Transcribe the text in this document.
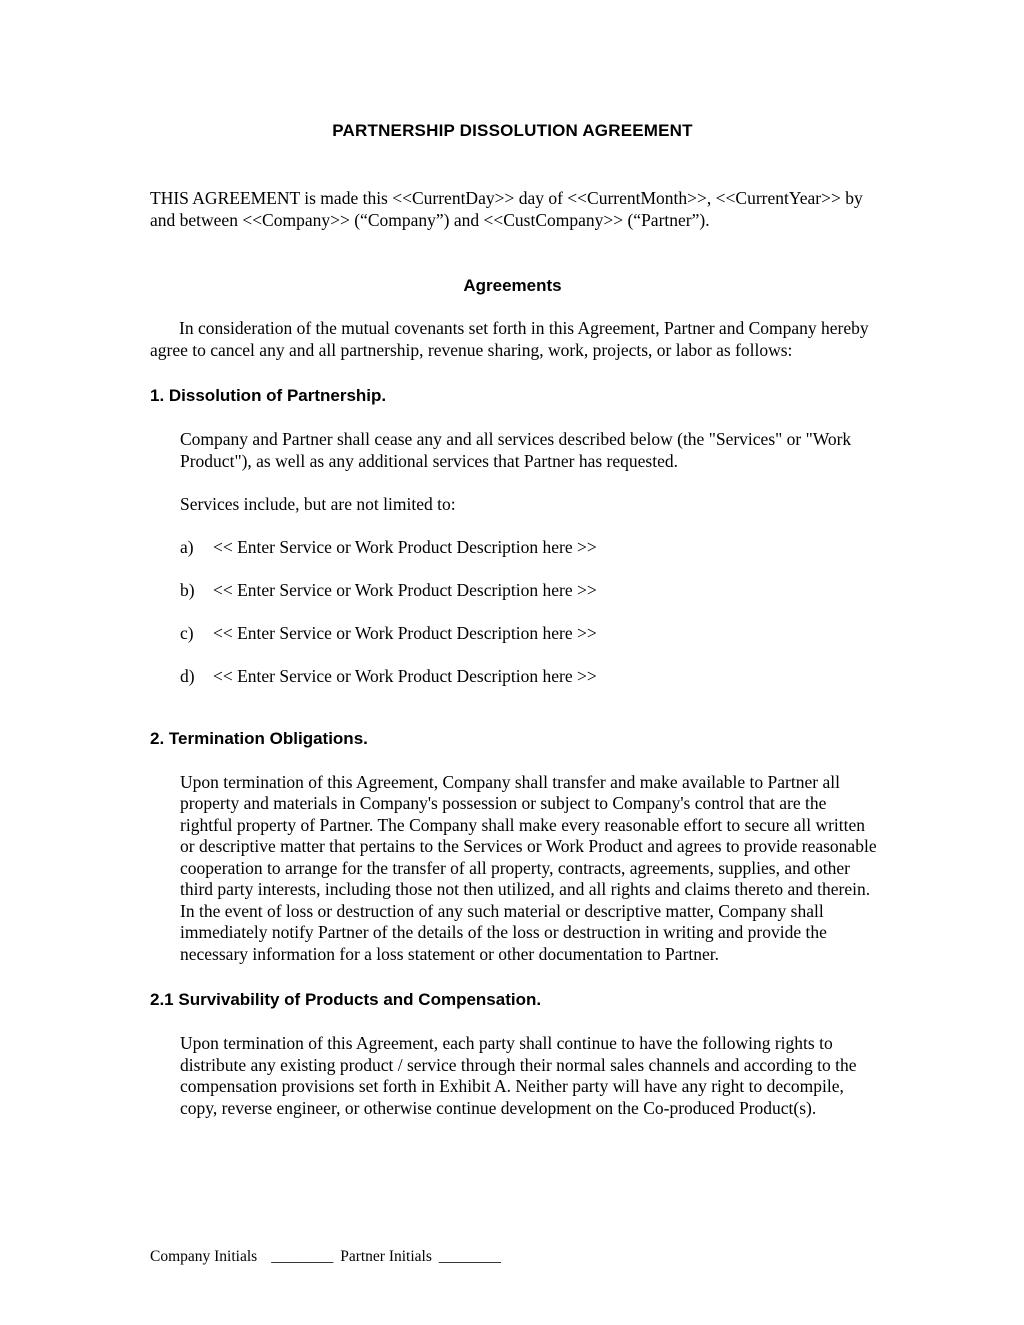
PARTNERSHIP DISSOLUTION AGREEMENT

THIS AGREEMENT is made this <<CurrentDay>> day of <<CurrentMonth>>, <<CurrentYear>> by and between <<Company>> (“Company”) and <<CustCompany>> (“Partner”).

Agreements

In consideration of the mutual covenants set forth in this Agreement, Partner and Company hereby agree to cancel any and all partnership, revenue sharing, work, projects, or labor as follows:

1. Dissolution of Partnership.

Company and Partner shall cease any and all services described below (the "Services" or "Work Product"), as well as any additional services that Partner has requested.

Services include, but are not limited to:

a)	<< Enter Service or Work Product Description here >>
b)	<< Enter Service or Work Product Description here >>
c)	<< Enter Service or Work Product Description here >>
d)	<< Enter Service or Work Product Description here >>
2. Termination Obligations.

Upon termination of this Agreement, Company shall transfer and make available to Partner all property and materials in Company's possession or subject to Company's control that are the rightful property of Partner. The Company shall make every reasonable effort to secure all written or descriptive matter that pertains to the Services or Work Product and agrees to provide reasonable cooperation to arrange for the transfer of all property, contracts, agreements, supplies, and other third party interests, including those not then utilized, and all rights and claims thereto and therein. In the event of loss or destruction of any such material or descriptive matter, Company shall immediately notify Partner of the details of the loss or destruction in writing and provide the necessary information for a loss statement or other documentation to Partner.

2.1 Survivability of Products and Compensation.

Upon termination of this Agreement, each party shall continue to have the following rights to distribute any existing product / service through their normal sales channels and according to the compensation provisions set forth in Exhibit A. Neither party will have any right to decompile, copy, reverse engineer, or otherwise continue development on the Co-produced Product(s).

Company Initials ________ Partner Initials ________
